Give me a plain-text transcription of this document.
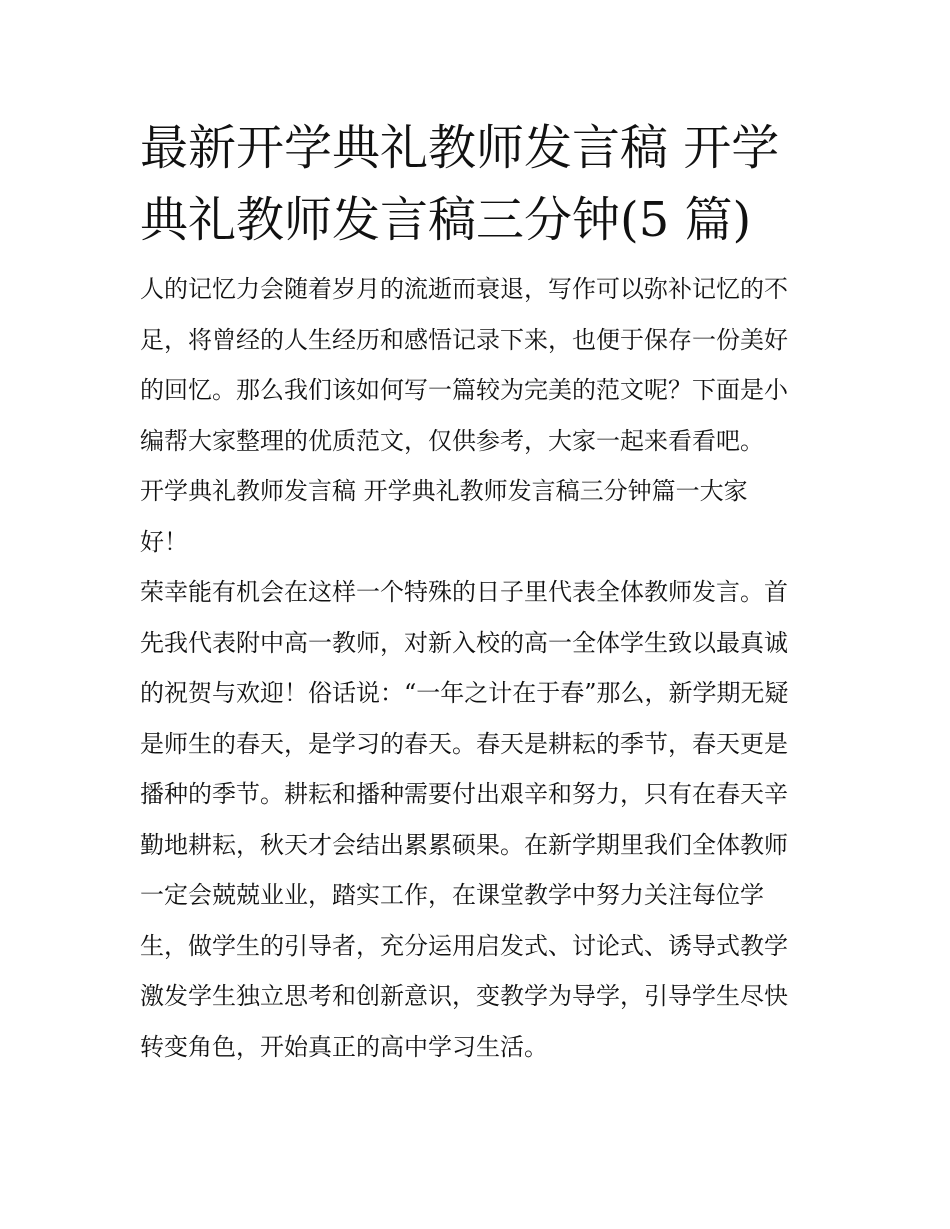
最新开学典礼教师发言稿 开学
典礼教师发言稿三分钟(5 篇)

人的记忆力会随着岁月的流逝而衰退，写作可以弥补记忆的不
足，将曾经的人生经历和感悟记录下来，也便于保存一份美好
的回忆。那么我们该如何写一篇较为完美的范文呢？下面是小
编帮大家整理的优质范文，仅供参考，大家一起来看看吧。

开学典礼教师发言稿 开学典礼教师发言稿三分钟篇一大家
好！

荣幸能有机会在这样一个特殊的日子里代表全体教师发言。首
先我代表附中高一教师，对新入校的高一全体学生致以最真诚
的祝贺与欢迎！俗话说：“一年之计在于春”那么，新学期无疑
是师生的春天，是学习的春天。春天是耕耘的季节，春天更是
播种的季节。耕耘和播种需要付出艰辛和努力，只有在春天辛
勤地耕耘，秋天才会结出累累硕果。在新学期里我们全体教师
一定会兢兢业业，踏实工作，在课堂教学中努力关注每位学
生，做学生的引导者，充分运用启发式、讨论式、诱导式教学
激发学生独立思考和创新意识，变教学为导学，引导学生尽快
转变角色，开始真正的高中学习生活。
